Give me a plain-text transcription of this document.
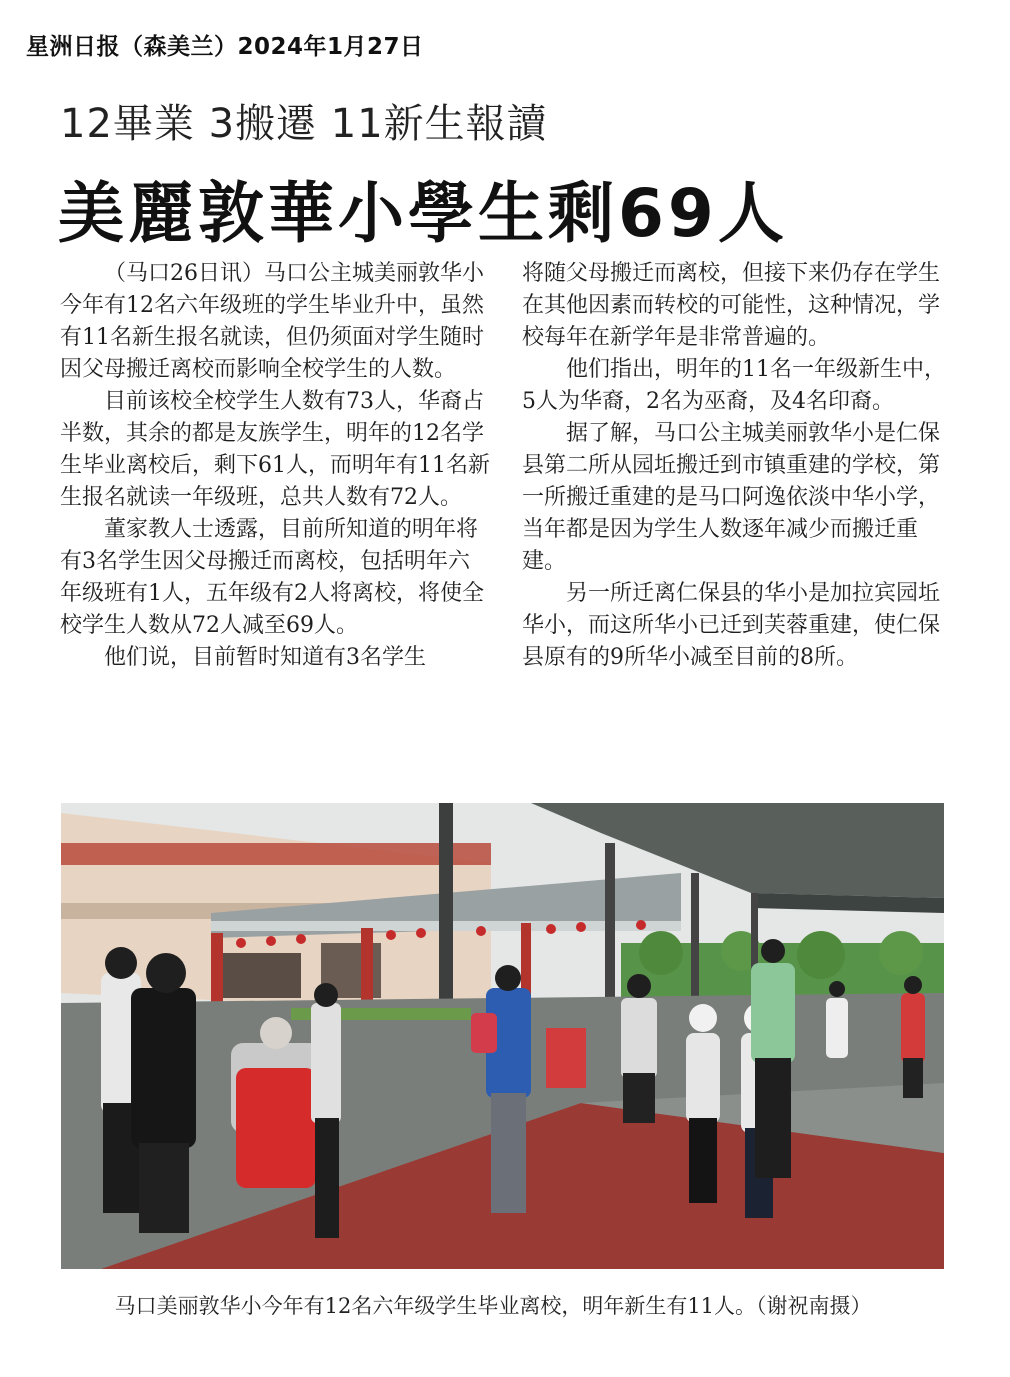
星洲日报（森美兰）2024年1月27日
12畢業 3搬遷 11新生報讀
美麗敦華小學生剩69人

（马口26日讯）马口公主城美丽敦华小今年有12名六年级班的学生毕业升中，虽然有11名新生报名就读，但仍须面对学生随时因父母搬迁离校而影响全校学生的人数。

目前该校全校学生人数有73人，华裔占半数，其余的都是友族学生，明年的12名学生毕业离校后，剩下61人，而明年有11名新生报名就读一年级班，总共人数有72人。

董家教人士透露，目前所知道的明年将有3名学生因父母搬迁而离校，包括明年六年级班有1人，五年级有2人将离校，将使全校学生人数从72人减至69人。

他们说，目前暂时知道有3名学生

将随父母搬迁而离校，但接下来仍存在学生在其他因素而转校的可能性，这种情况，学校每年在新学年是非常普遍的。

他们指出，明年的11名一年级新生中，5人为华裔，2名为巫裔，及4名印裔。

据了解，马口公主城美丽敦华小是仁保县第二所从园坵搬迁到市镇重建的学校，第一所搬迁重建的是马口阿逸依淡中华小学，当年都是因为学生人数逐年减少而搬迁重建。

另一所迁离仁保县的华小是加拉宾园坵华小，而这所华小已迁到芙蓉重建，使仁保县原有的9所华小减至目前的8所。

马口美丽敦华小今年有12名六年级学生毕业离校，明年新生有11人。（谢祝南摄）
